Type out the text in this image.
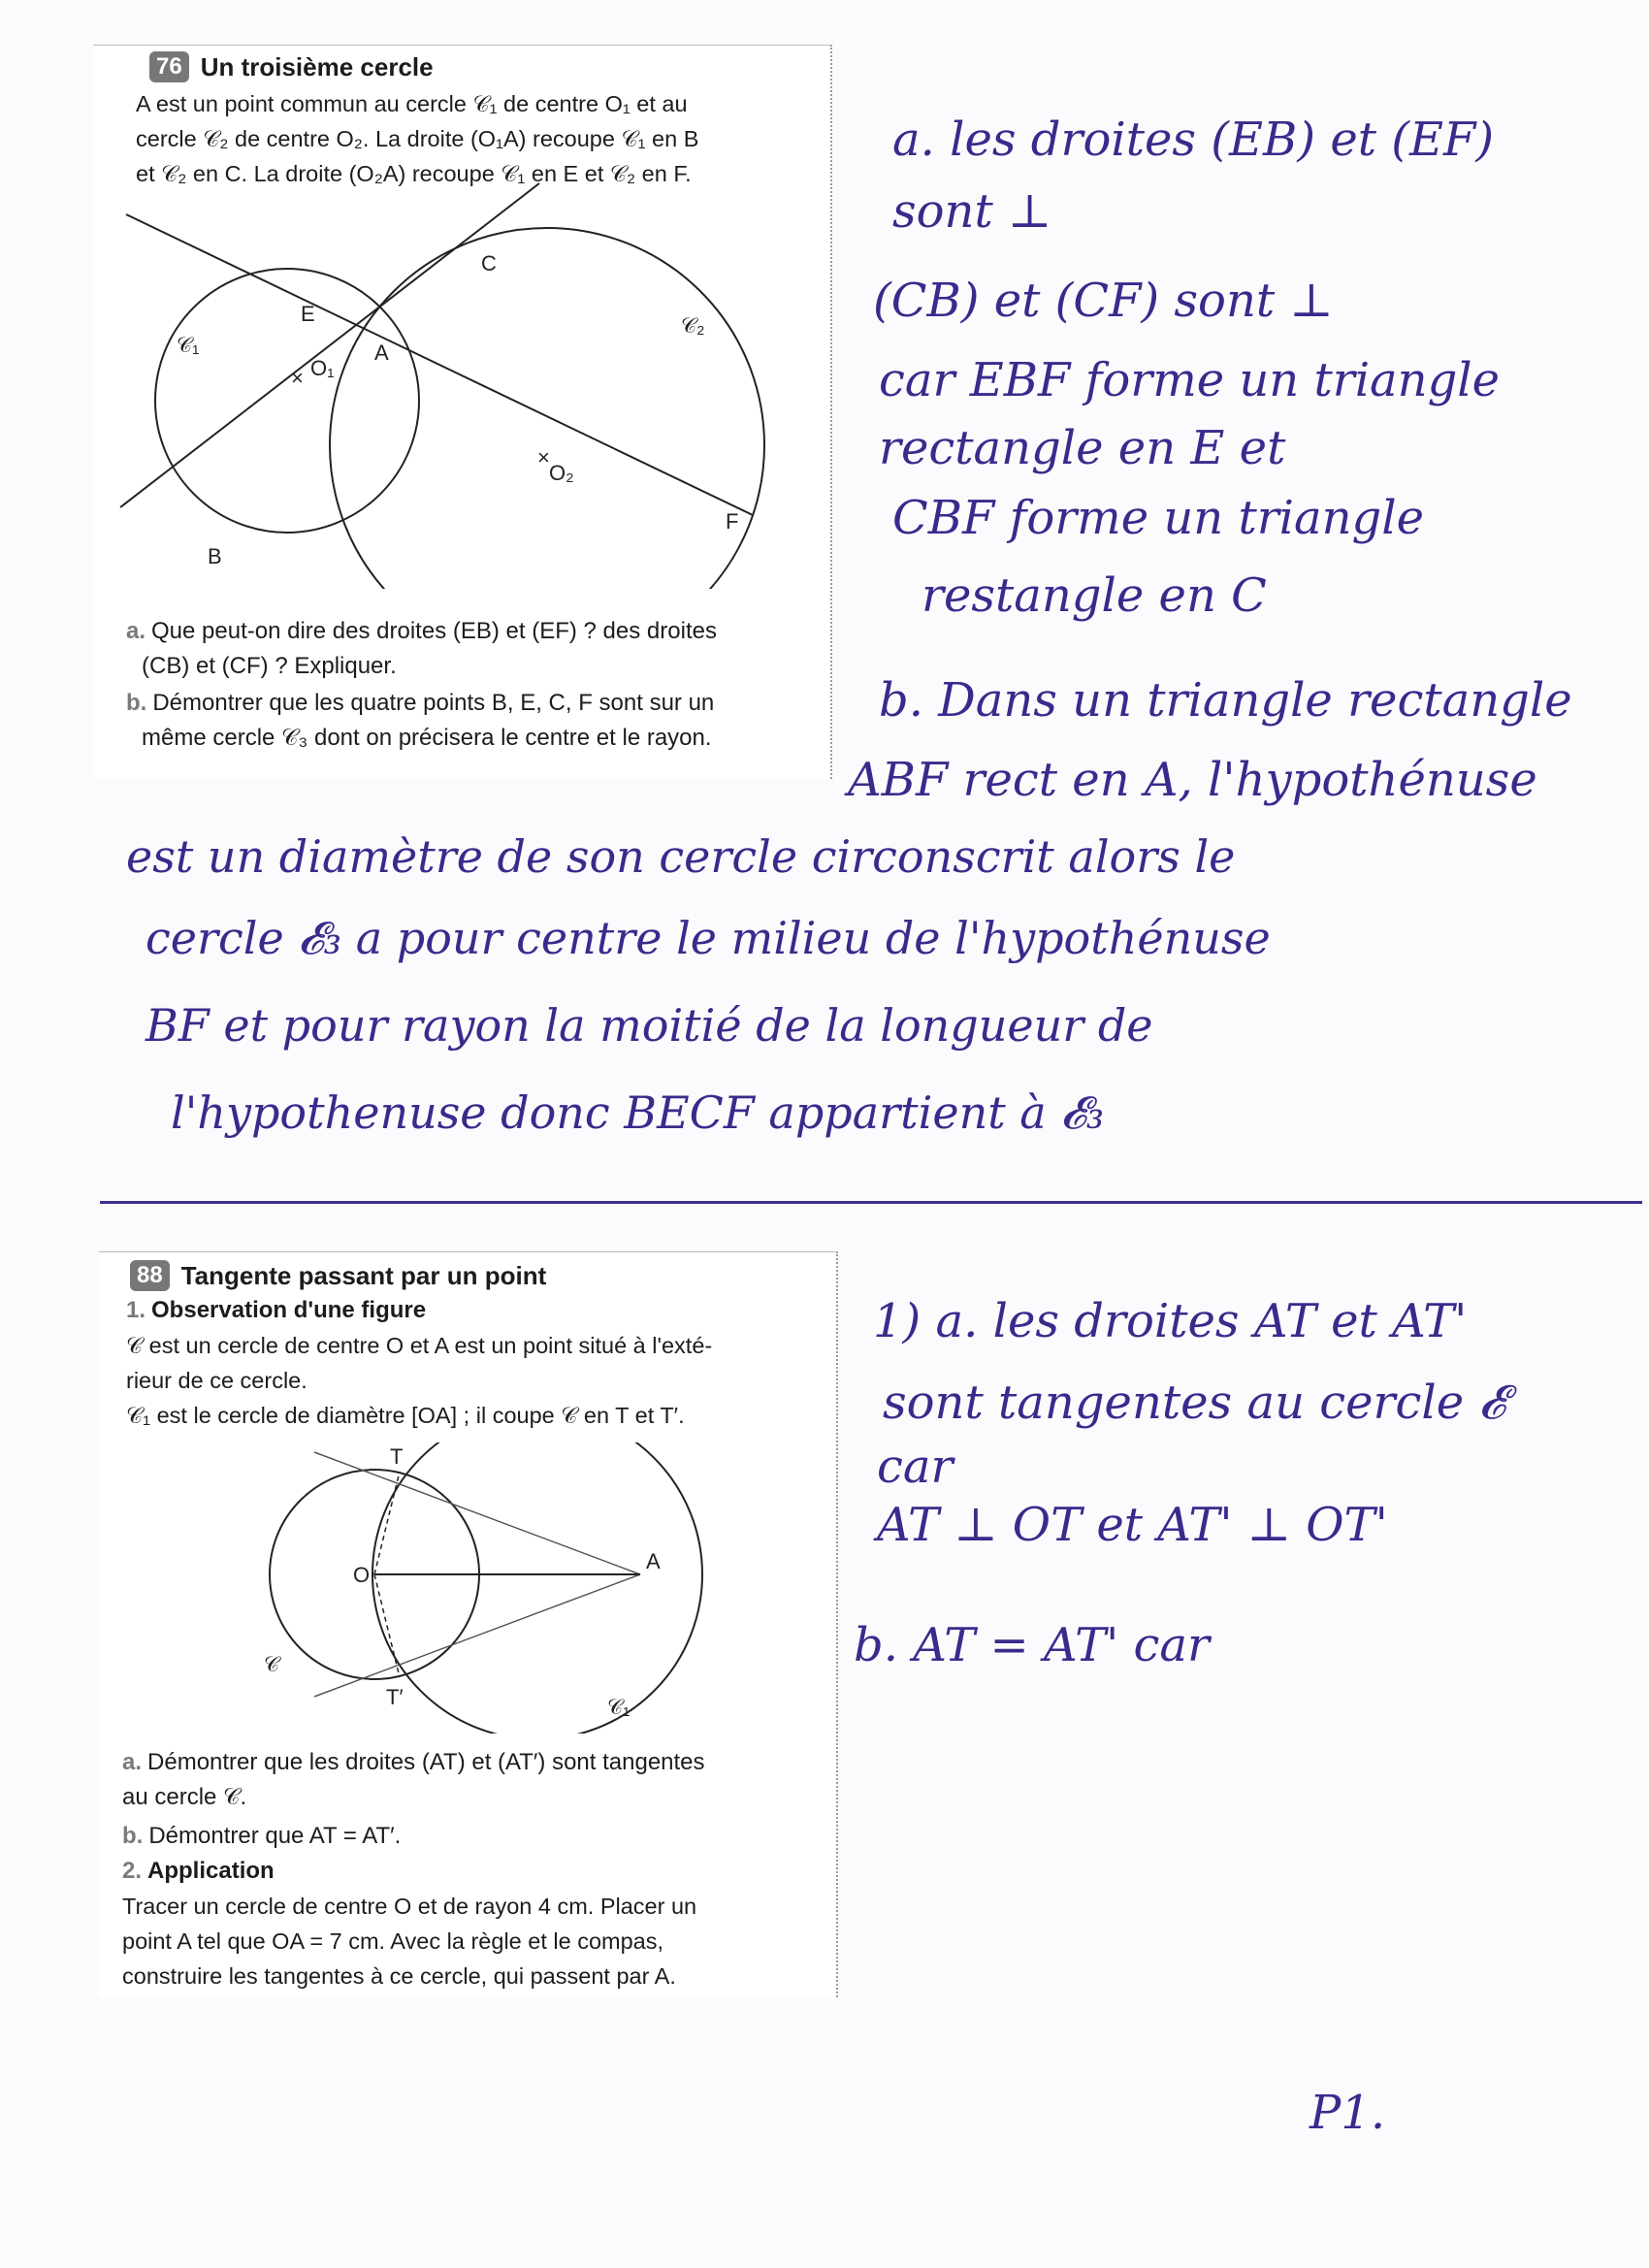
76 Un troisième cercle
A est un point commun au cercle 𝒞₁ de centre O₁ et au
cercle 𝒞₂ de centre O₂. La droite (O₁A) recoupe 𝒞₁ en B
et 𝒞₂ en C. La droite (O₂A) recoupe 𝒞₁ en E et 𝒞₂ en F.
O₁
×
O₂
×
A
B
C
E
F
𝒞₁
𝒞₂
a. Que peut-on dire des droites (EB) et (EF) ? des droites
(CB) et (CF) ? Expliquer.
b. Démontrer que les quatre points B, E, C, F sont sur un
même cercle 𝒞₃ dont on précisera le centre et le rayon.
a. les droites (EB) et (EF)
sont ⊥
(CB) et (CF) sont ⊥
car EBF forme un triangle
rectangle en E et
CBF forme un triangle
restangle en C
b. Dans un triangle rectangle
ABF rect en A, l'hypothénuse
est un diamètre de son cercle circonscrit alors le
cercle 𝓔₃ a pour centre le milieu de l'hypothénuse
BF et pour rayon la moitié de la longueur de
l'hypothenuse donc BECF appartient à 𝓔₃
88 Tangente passant par un point
1. Observation d'une figure
𝒞 est un cercle de centre O et A est un point situé à l'exté-
rieur de ce cercle.
𝒞₁ est le cercle de diamètre [OA] ; il coupe 𝒞 en T et T′.
O
A
T
T′
𝒞
𝒞₁
a. Démontrer que les droites (AT) et (AT′) sont tangentes
au cercle 𝒞.
b. Démontrer que AT = AT′.
2. Application
Tracer un cercle de centre O et de rayon 4 cm. Placer un
point A tel que OA = 7 cm. Avec la règle et le compas,
construire les tangentes à ce cercle, qui passent par A.
1) a. les droites AT et AT'
sont tangentes au cercle 𝓔
car
AT ⊥ OT et AT' ⊥ OT'
b. AT = AT' car
P1.
